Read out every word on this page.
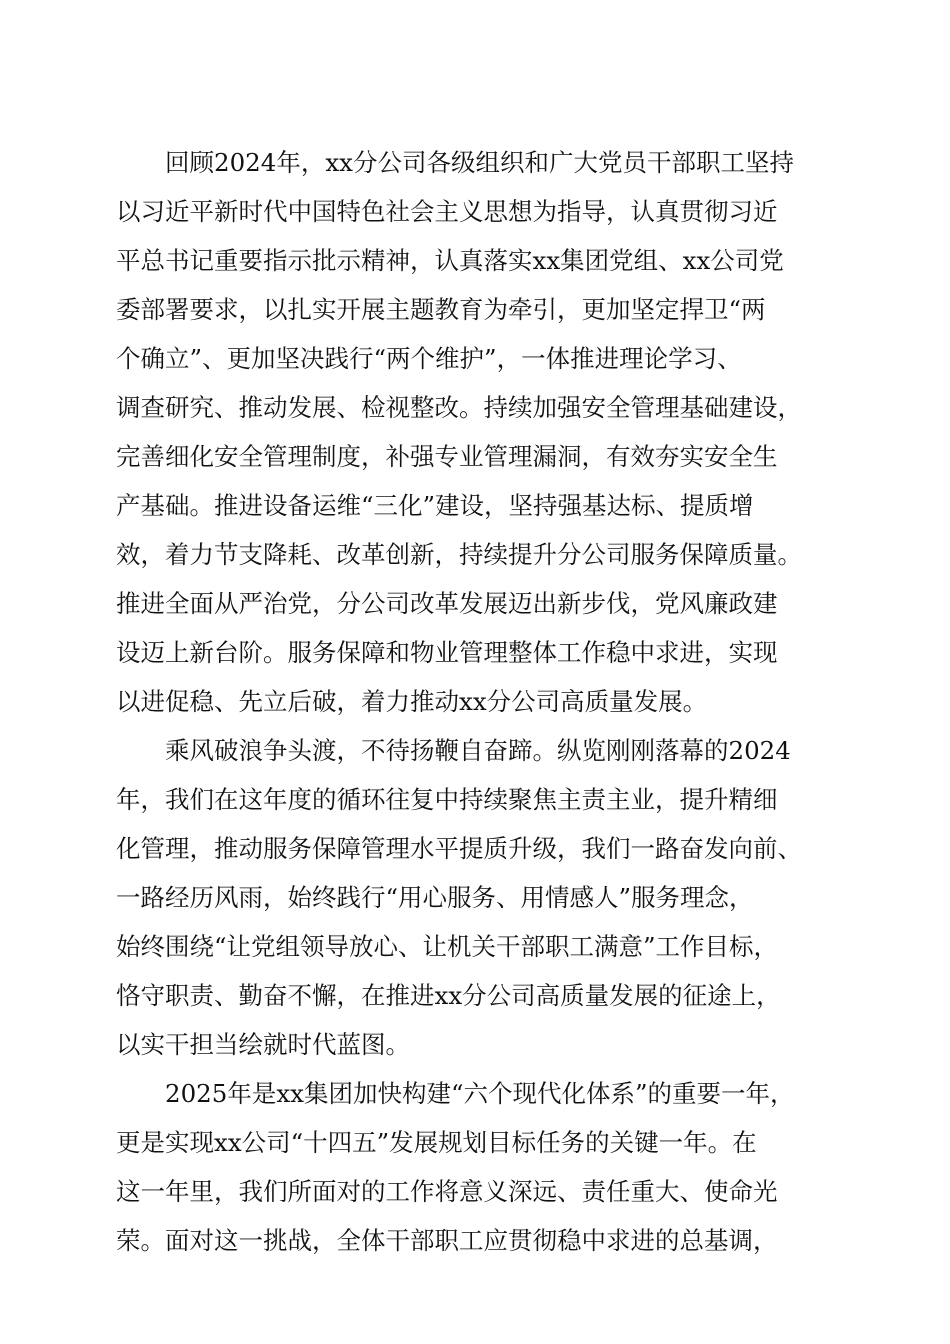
　　回顾2024年，xx分公司各级组织和广大党员干部职工坚持
以习近平新时代中国特色社会主义思想为指导，认真贯彻习近
平总书记重要指示批示精神，认真落实xx集团党组、xx公司党
委部署要求，以扎实开展主题教育为牵引，更加坚定捍卫“两
个确立”、更加坚决践行“两个维护”，一体推进理论学习、
调查研究、推动发展、检视整改。持续加强安全管理基础建设，
完善细化安全管理制度，补强专业管理漏洞，有效夯实安全生
产基础。推进设备运维“三化”建设，坚持强基达标、提质增
效，着力节支降耗、改革创新，持续提升分公司服务保障质量。
推进全面从严治党，分公司改革发展迈出新步伐，党风廉政建
设迈上新台阶。服务保障和物业管理整体工作稳中求进，实现
以进促稳、先立后破，着力推动xx分公司高质量发展。
　　乘风破浪争头渡，不待扬鞭自奋蹄。纵览刚刚落幕的2024
年，我们在这年度的循环往复中持续聚焦主责主业，提升精细
化管理，推动服务保障管理水平提质升级，我们一路奋发向前、
一路经历风雨，始终践行“用心服务、用情感人”服务理念，
始终围绕“让党组领导放心、让机关干部职工满意”工作目标，
恪守职责、勤奋不懈，在推进xx分公司高质量发展的征途上，
以实干担当绘就时代蓝图。
　　2025年是xx集团加快构建“六个现代化体系”的重要一年，
更是实现xx公司“十四五”发展规划目标任务的关键一年。在
这一年里，我们所面对的工作将意义深远、责任重大、使命光
荣。面对这一挑战，全体干部职工应贯彻稳中求进的总基调，
